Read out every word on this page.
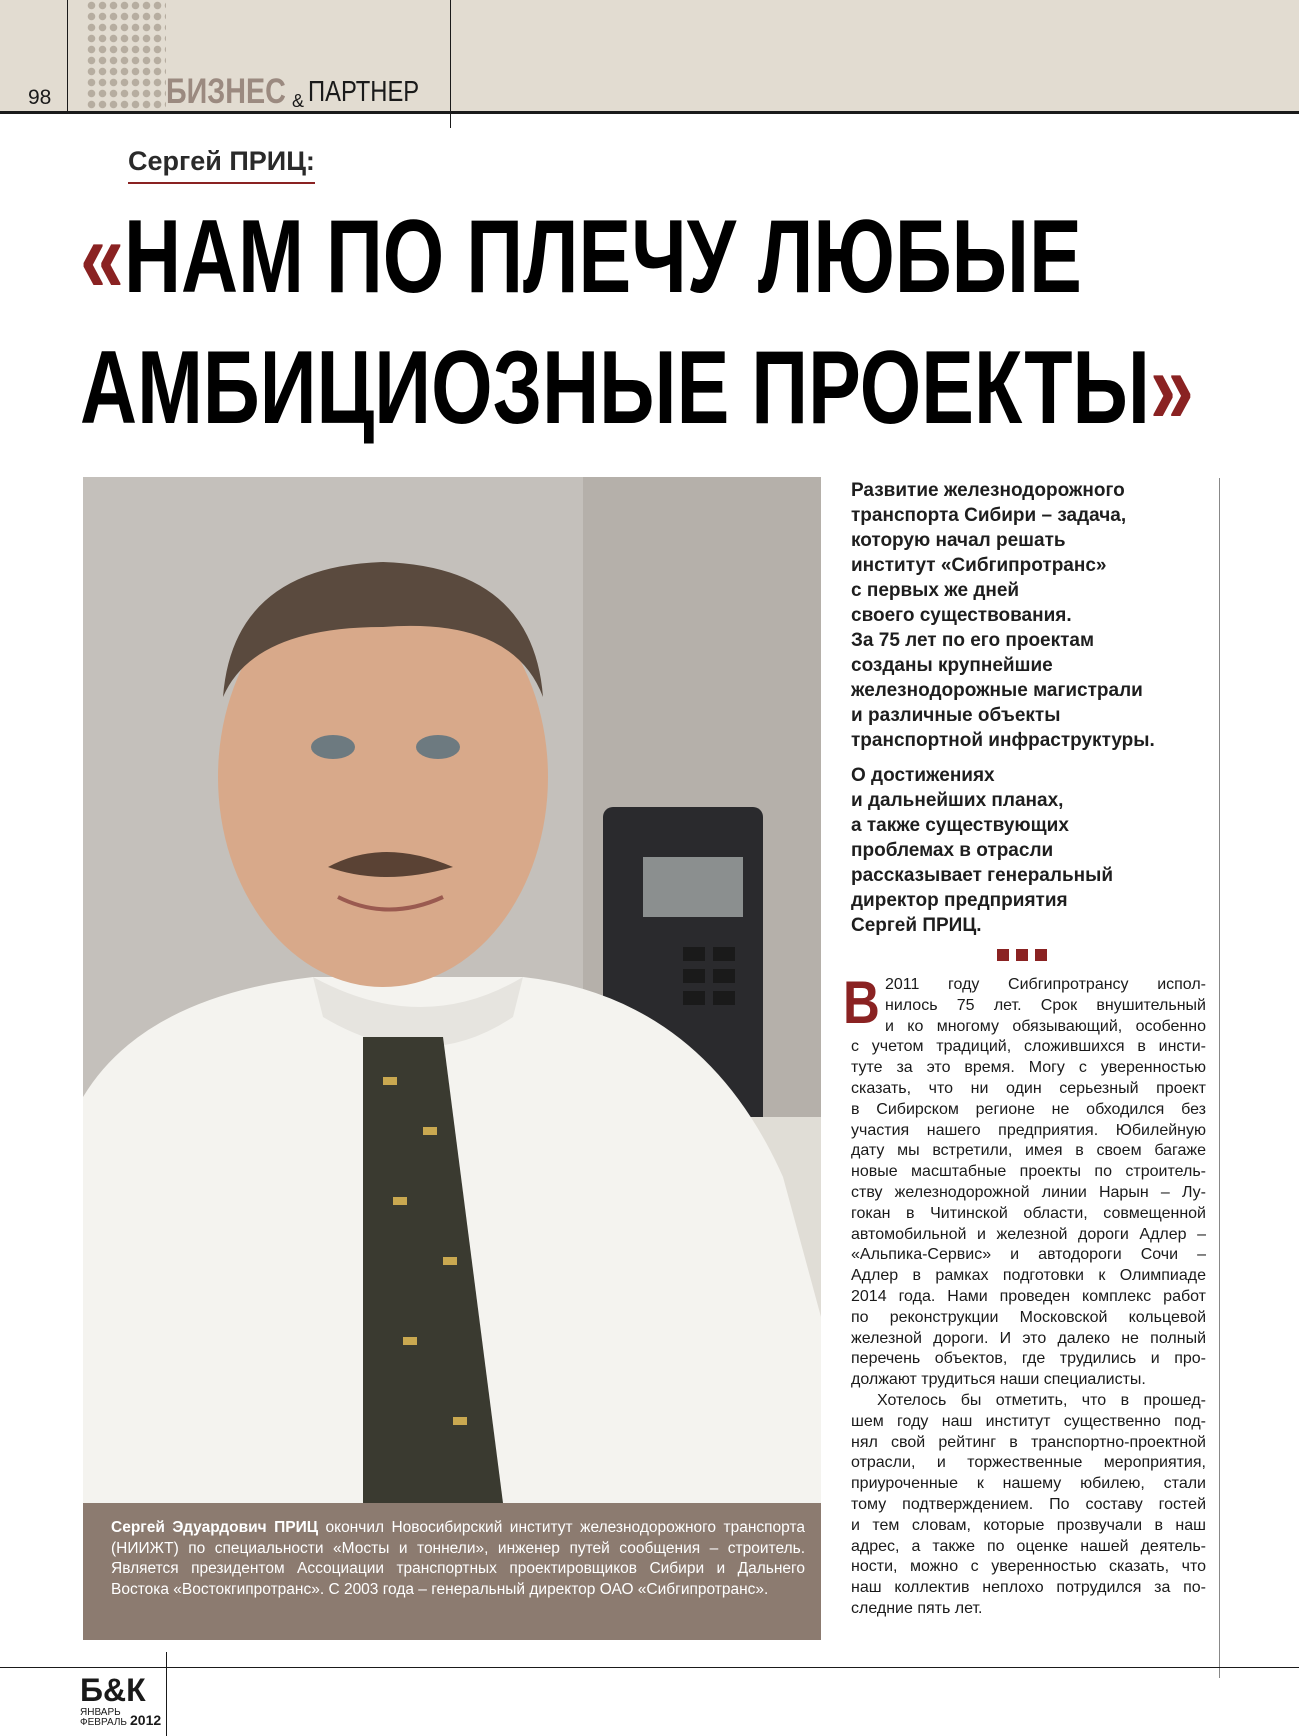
98	БИЗНЕС & ПАРТНЕР
Сергей ПРИЦ:
«НАМ ПО ПЛЕЧУ ЛЮБЫЕ
АМБИЦИОЗНЫЕ ПРОЕКТЫ»
Сергей Эдуардович ПРИЦ окончил Новосибирский институт железнодорожного транспорта (НИИЖТ) по специальности «Мосты и тоннели», инженер путей сообщения – строитель. Является президентом Ассоциации транспортных проектировщиков Сибири и Дальнего Востока «Востокгипротранс». С 2003 года – генеральный директор ОАО «Сибгипротранс».

Развитие железнодорожного
транспорта Сибири – задача,
которую начал решать
институт «Сибгипротранс»
с первых же дней
своего существования.
За 75 лет по его проектам
созданы крупнейшие
железнодорожные магистрали
и различные объекты
транспортной инфраструктуры.

О достижениях
и дальнейших планах,
а также существующих
проблемах в отрасли
рассказывает генеральный
директор предприятия
Сергей ПРИЦ.

В 2011 году Сибгипротрансу испол-
нилось 75 лет. Срок внушительный
и ко многому обязывающий, особенно
с учетом традиций, сложившихся в инсти-
туте за это время. Могу с уверенностью
сказать, что ни один серьезный проект
в Сибирском регионе не обходился без
участия нашего предприятия. Юбилейную
дату мы встретили, имея в своем багаже
новые масштабные проекты по строитель-
ству железнодорожной линии Нарын – Лу-
гокан в Читинской области, совмещенной
автомобильной и железной дороги Адлер –
«Альпика-Сервис» и автодороги Сочи –
Адлер в рамках подготовки к Олимпиаде
2014 года. Нами проведен комплекс работ
по реконструкции Московской кольцевой
железной дороги. И это далеко не полный
перечень объектов, где трудились и про-
должают трудиться наши специалисты.
Хотелось бы отметить, что в прошед-
шем году наш институт существенно под-
нял свой рейтинг в транспортно-проектной
отрасли, и торжественные мероприятия,
приуроченные к нашему юбилею, стали
тому подтверждением. По составу гостей
и тем словам, которые прозвучали в наш
адрес, а также по оценке нашей деятель-
ности, можно с уверенностью сказать, что
наш коллектив неплохо потрудился за по-
следние пять лет.
Б&К
ЯНВАРЬ
ФЕВРАЛЬ 2012
